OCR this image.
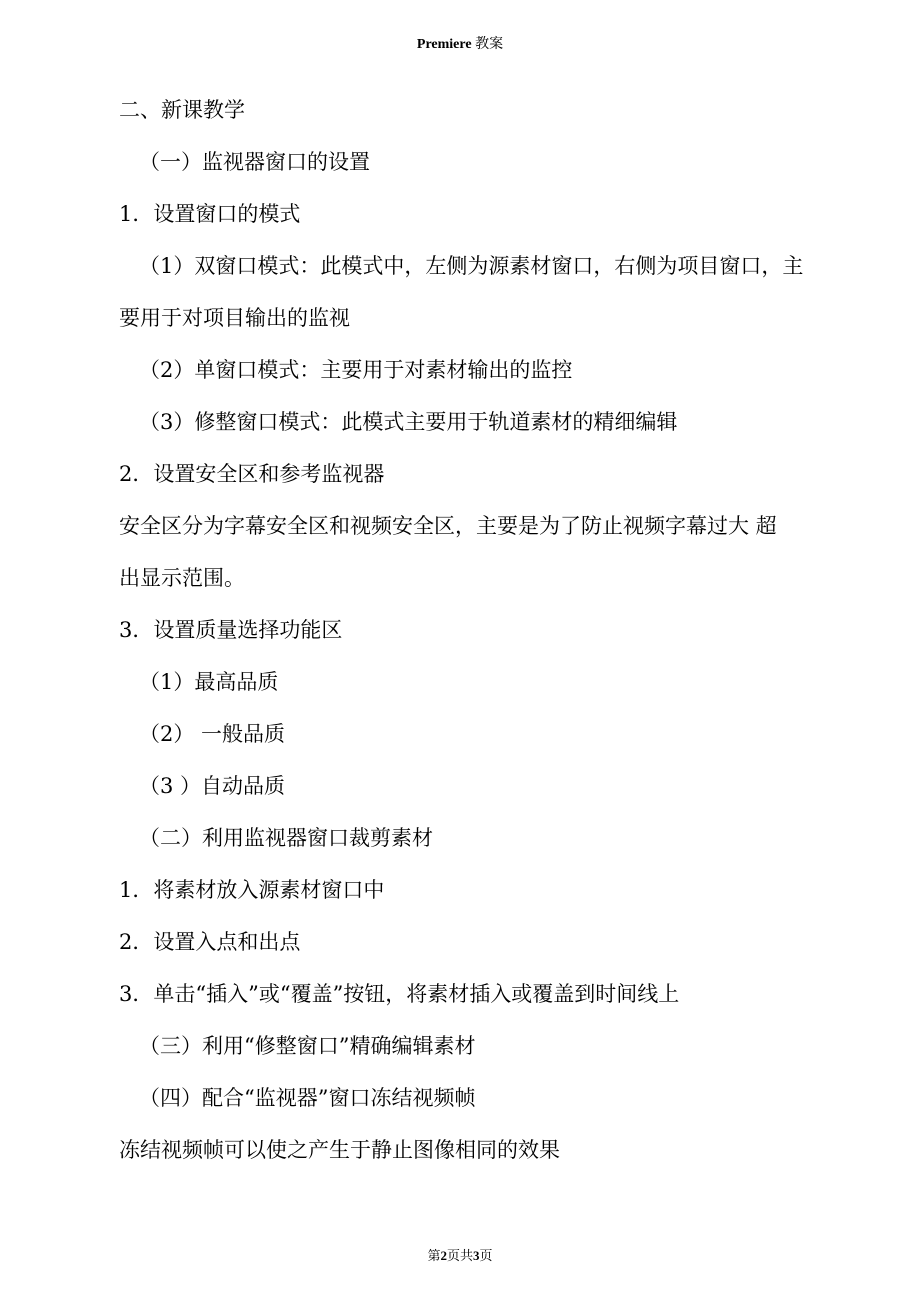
Premiere 教案
二、新课教学
（一）监视器窗口的设置
1．设置窗口的模式
（1）双窗口模式：此模式中，左侧为源素材窗口，右侧为项目窗口，主
要用于对项目输出的监视
（2）单窗口模式：主要用于对素材输出的监控
（3）修整窗口模式：此模式主要用于轨道素材的精细编辑
2．设置安全区和参考监视器
安全区分为字幕安全区和视频安全区，主要是为了防止视频字幕过大 超
出显示范围。
3．设置质量选择功能区
（1）最高品质
（2） 一般品质
（3 ）自动品质
（二）利用监视器窗口裁剪素材
1．将素材放入源素材窗口中
2．设置入点和出点
3．单击“插入”或“覆盖”按钮，将素材插入或覆盖到时间线上
（三）利用“修整窗口”精确编辑素材
（四）配合“监视器”窗口冻结视频帧
冻结视频帧可以使之产生于静止图像相同的效果
第2页共3页
